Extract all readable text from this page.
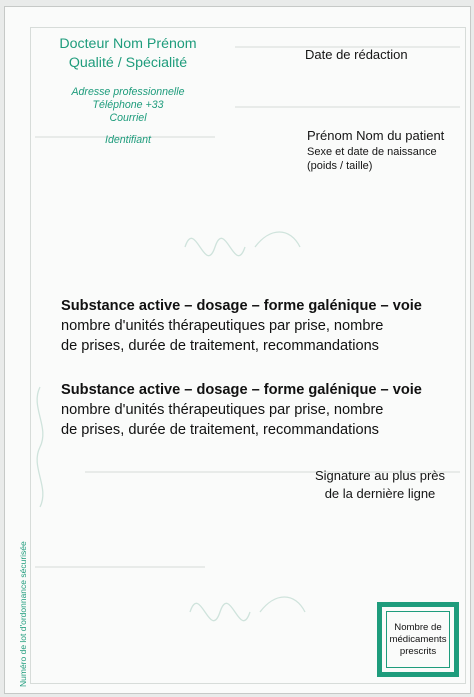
Docteur Nom Prénom
Qualité / Spécialité
Adresse professionnelle
Téléphone +33
Courriel
Identifiant
Date de rédaction
Prénom Nom du patient
Sexe et date de naissance
(poids / taille)
Substance active – dosage – forme galénique – voie
nombre d'unités thérapeutiques par prise, nombre
de prises, durée de traitement, recommandations
Substance active – dosage – forme galénique – voie
nombre d'unités thérapeutiques par prise, nombre
de prises, durée de traitement, recommandations
Signature au plus près
de la dernière ligne
Numéro de lot d'ordonnance sécurisée	Nombre de
médicaments
prescrits
